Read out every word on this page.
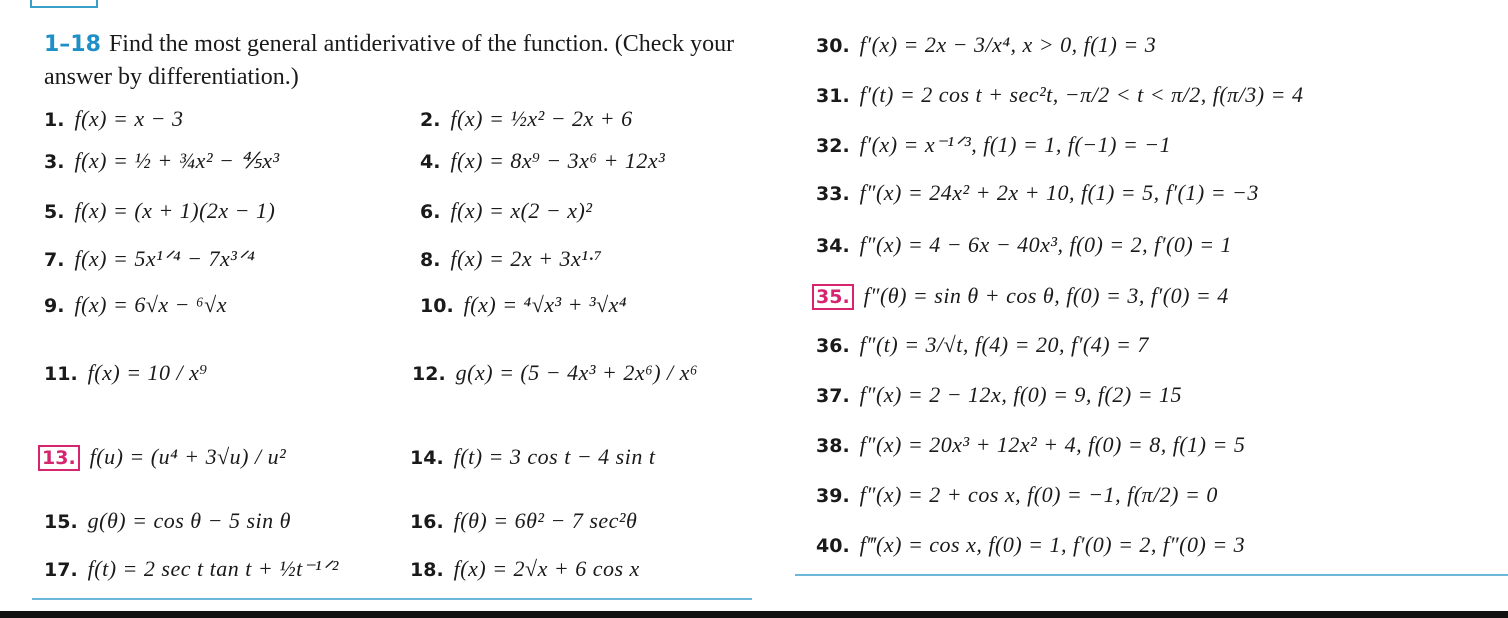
1–18 Find the most general antiderivative of the function. (Check your answer by differentiation.)
1. f(x) = x − 3
3. f(x) = ½ + ¾x² − ⅘x³
5. f(x) = (x + 1)(2x − 1)
7. f(x) = 5x¹ᐟ⁴ − 7x³ᐟ⁴
9. f(x) = 6√x − ⁶√x
11. f(x) = 10 / x⁹
13. f(u) = (u⁴ + 3√u) / u²
15. g(θ) = cos θ − 5 sin θ
17. f(t) = 2 sec t tan t + ½t⁻¹ᐟ²
2. f(x) = ½x² − 2x + 6
4. f(x) = 8x⁹ − 3x⁶ + 12x³
6. f(x) = x(2 − x)²
8. f(x) = 2x + 3x¹·⁷
10. f(x) = ⁴√x³ + ³√x⁴
12. g(x) = (5 − 4x³ + 2x⁶) / x⁶
14. f(t) = 3 cos t − 4 sin t
16. f(θ) = 6θ² − 7 sec²θ
18. f(x) = 2√x + 6 cos x
30. f′(x) = 2x − 3/x⁴, x > 0, f(1) = 3
31. f′(t) = 2 cos t + sec²t, −π/2 < t < π/2, f(π/3) = 4
32. f′(x) = x⁻¹ᐟ³, f(1) = 1, f(−1) = −1
33. f″(x) = 24x² + 2x + 10, f(1) = 5, f′(1) = −3
34. f″(x) = 4 − 6x − 40x³, f(0) = 2, f′(0) = 1
35. f″(θ) = sin θ + cos θ, f(0) = 3, f′(0) = 4
36. f″(t) = 3/√t, f(4) = 20, f′(4) = 7
37. f″(x) = 2 − 12x, f(0) = 9, f(2) = 15
38. f″(x) = 20x³ + 12x² + 4, f(0) = 8, f(1) = 5
39. f″(x) = 2 + cos x, f(0) = −1, f(π/2) = 0
40. f‴(x) = cos x, f(0) = 1, f′(0) = 2, f″(0) = 3
